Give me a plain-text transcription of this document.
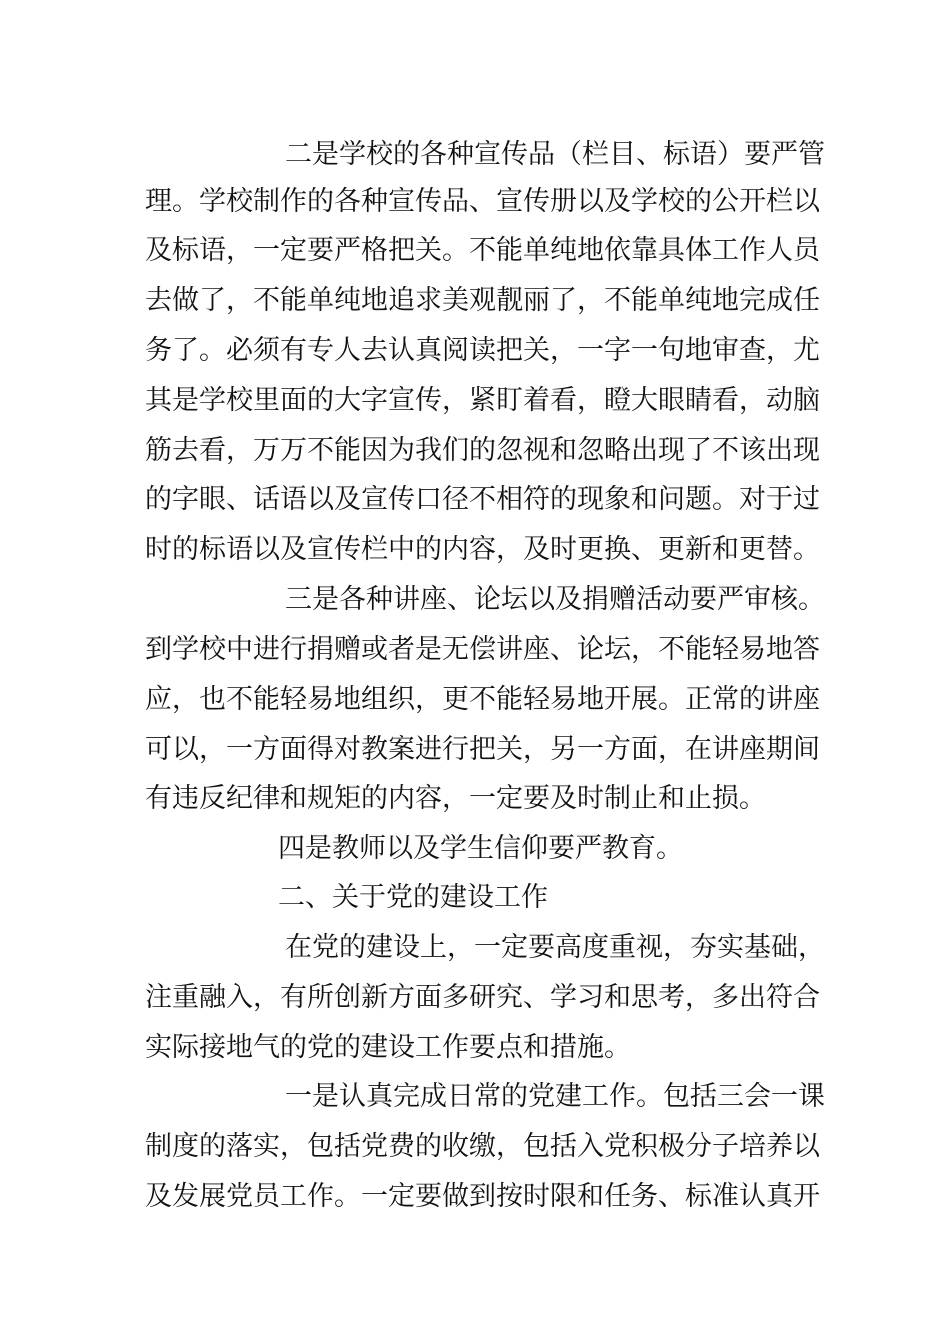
二是学校的各种宣传品（栏目、标语）要严管
理。学校制作的各种宣传品、宣传册以及学校的公开栏以
及标语，一定要严格把关。不能单纯地依靠具体工作人员
去做了，不能单纯地追求美观靓丽了，不能单纯地完成任
务了。必须有专人去认真阅读把关，一字一句地审查，尤
其是学校里面的大字宣传，紧盯着看，瞪大眼睛看，动脑
筋去看，万万不能因为我们的忽视和忽略出现了不该出现
的字眼、话语以及宣传口径不相符的现象和问题。对于过
时的标语以及宣传栏中的内容，及时更换、更新和更替。
三是各种讲座、论坛以及捐赠活动要严审核。
到学校中进行捐赠或者是无偿讲座、论坛，不能轻易地答
应，也不能轻易地组织，更不能轻易地开展。正常的讲座
可以，一方面得对教案进行把关，另一方面，在讲座期间
有违反纪律和规矩的内容，一定要及时制止和止损。
四是教师以及学生信仰要严教育。
二、关于党的建设工作
在党的建设上，一定要高度重视，夯实基础，
注重融入，有所创新方面多研究、学习和思考，多出符合
实际接地气的党的建设工作要点和措施。
一是认真完成日常的党建工作。包括三会一课
制度的落实，包括党费的收缴，包括入党积极分子培养以
及发展党员工作。一定要做到按时限和任务、标准认真开
